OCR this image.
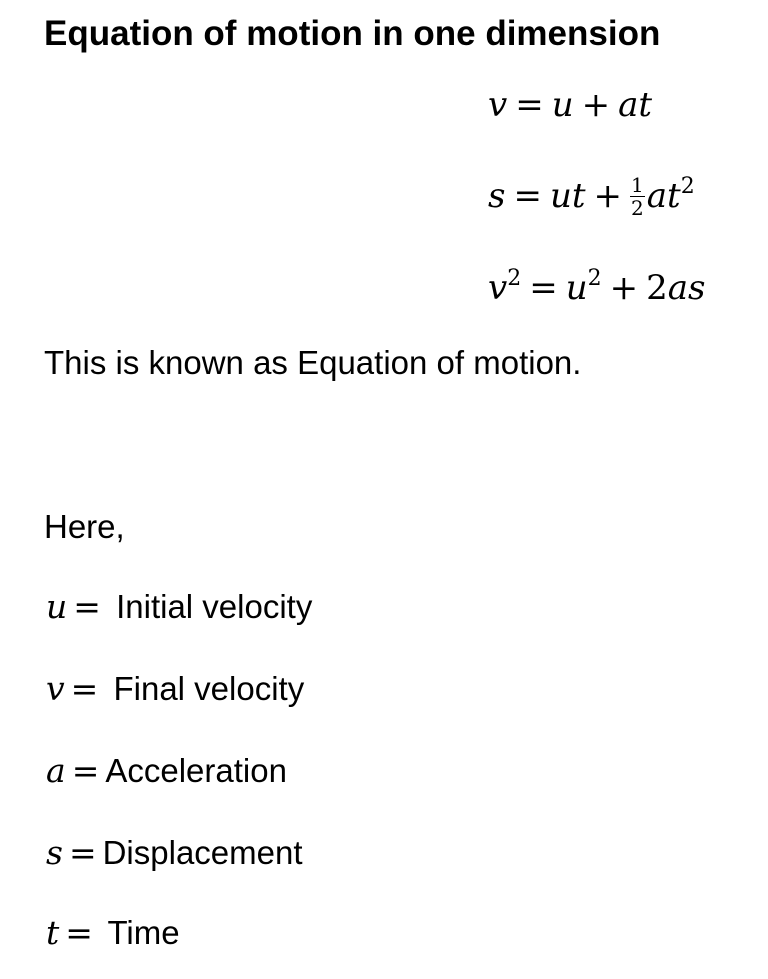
Equation of motion in one dimension
v = u + at
s = ut + $\frac{1}{2} at^2$
$v^2 = u^2 + 2as$
This is known as Equation of motion.
Here,
u = Initial velocity
v = Final velocity
a = Acceleration
s = Displacement
t = Time
